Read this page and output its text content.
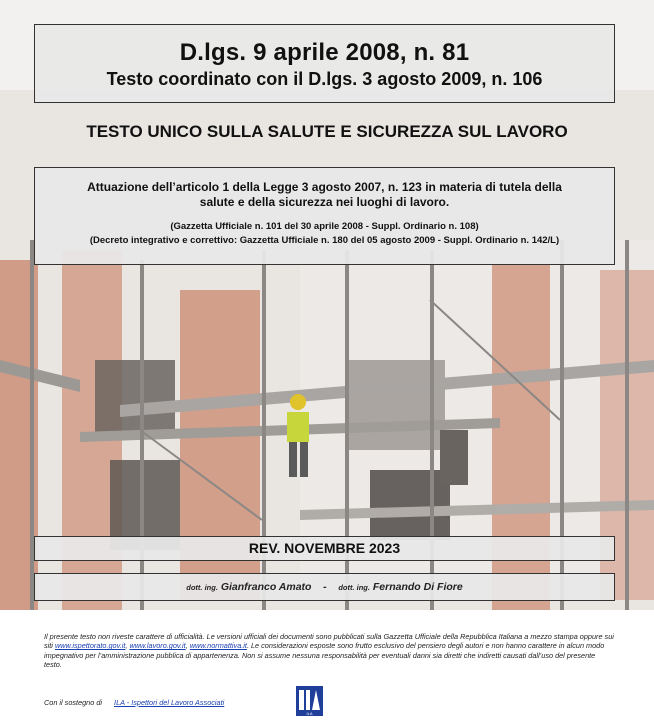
D.lgs. 9 aprile 2008, n. 81
Testo coordinato con il D.lgs. 3 agosto 2009, n. 106
TESTO UNICO SULLA SALUTE E SICUREZZA SUL LAVORO
Attuazione dell’articolo 1 della Legge 3 agosto 2007, n. 123 in materia di tutela della salute e della sicurezza nei luoghi di lavoro.
(Gazzetta Ufficiale n. 101 del 30 aprile 2008 - Suppl. Ordinario n. 108)
(Decreto integrativo e correttivo: Gazzetta Ufficiale n. 180 del 05 agosto 2009 - Suppl. Ordinario n. 142/L)
REV. NOVEMBRE 2023
dott. ing. Gianfranco Amato - dott. ing. Fernando Di Fiore
Il presente testo non riveste carattere di ufficialità. Le versioni ufficiali dei documenti sono pubblicati sulla Gazzetta Ufficiale della Repubblica Italiana a mezzo stampa oppure sui siti www.ispettorato.gov.it, www.lavoro.gov.it, www.normattiva.it. Le considerazioni esposte sono frutto esclusivo del pensiero degli autori e non hanno carattere in alcun modo impegnativo per l’amministrazione pubblica di appartenenza. Non si assume nessuna responsabilità per eventuali danni sia diretti che indiretti causati dall’uso del presente testo.
Con il sostegno di ILA - Ispettori del Lavoro Associati
ILA
